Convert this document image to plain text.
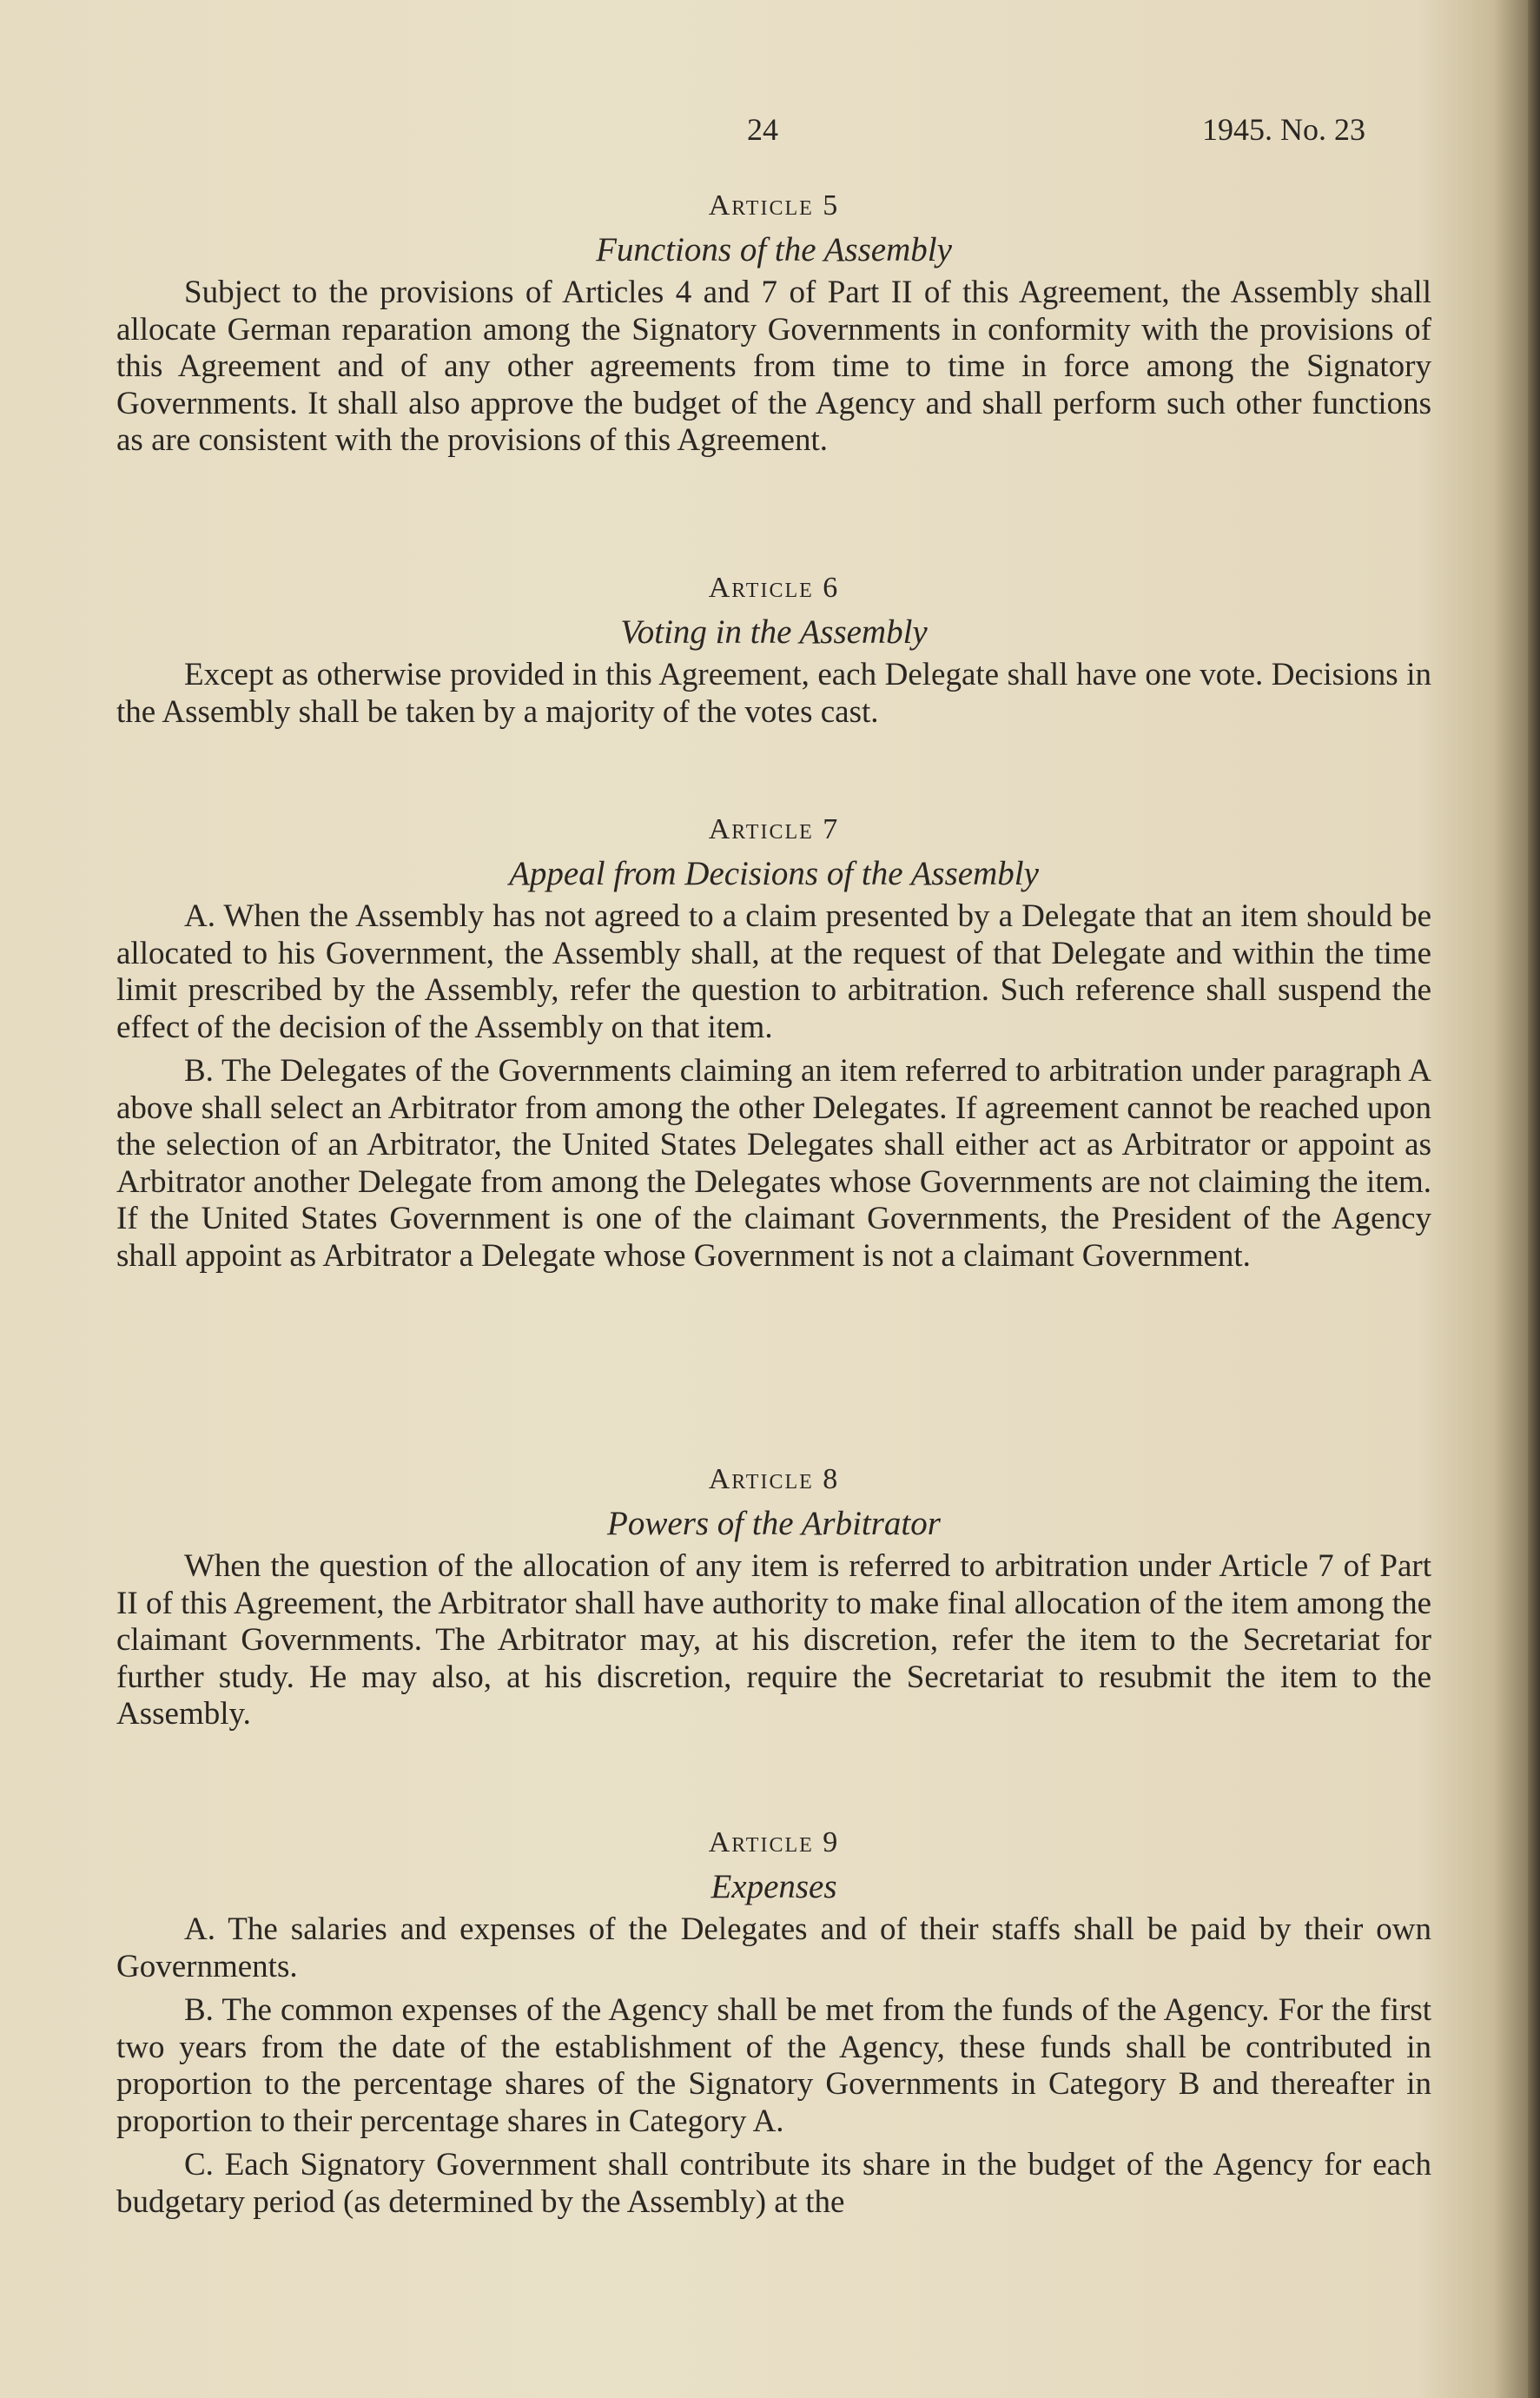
24	1945. No. 23

Article 5

Functions of the Assembly

Subject to the provisions of Articles 4 and 7 of Part II of this Agreement, the Assembly shall allocate German reparation among the Signatory Governments in conformity with the provisions of this Agreement and of any other agreements from time to time in force among the Signatory Governments. It shall also approve the budget of the Agency and shall perform such other functions as are consistent with the provisions of this Agreement.

Article 6

Voting in the Assembly

Except as otherwise provided in this Agreement, each Delegate shall have one vote. Decisions in the Assembly shall be taken by a majority of the votes cast.

Article 7

Appeal from Decisions of the Assembly

A. When the Assembly has not agreed to a claim presented by a Delegate that an item should be allocated to his Government, the Assembly shall, at the request of that Delegate and within the time limit prescribed by the Assembly, refer the question to arbitration. Such reference shall suspend the effect of the decision of the Assembly on that item.

B. The Delegates of the Governments claiming an item referred to arbitration under paragraph A above shall select an Arbitrator from among the other Delegates. If agreement cannot be reached upon the selection of an Arbitrator, the United States Delegates shall either act as Arbitrator or appoint as Arbitrator another Delegate from among the Delegates whose Governments are not claiming the item. If the United States Government is one of the claimant Governments, the President of the Agency shall appoint as Arbitrator a Delegate whose Government is not a claimant Government.

Article 8

Powers of the Arbitrator

When the question of the allocation of any item is referred to arbitration under Article 7 of Part II of this Agreement, the Arbitrator shall have authority to make final allocation of the item among the claimant Governments. The Arbitrator may, at his discretion, refer the item to the Secretariat for further study. He may also, at his discretion, require the Secretariat to resubmit the item to the Assembly.

Article 9

Expenses

A. The salaries and expenses of the Delegates and of their staffs shall be paid by their own Governments.

B. The common expenses of the Agency shall be met from the funds of the Agency. For the first two years from the date of the establishment of the Agency, these funds shall be contributed in proportion to the percentage shares of the Signatory Governments in Category B and thereafter in proportion to their percentage shares in Category A.

C. Each Signatory Government shall contribute its share in the budget of the Agency for each budgetary period (as determined by the Assembly) at the
